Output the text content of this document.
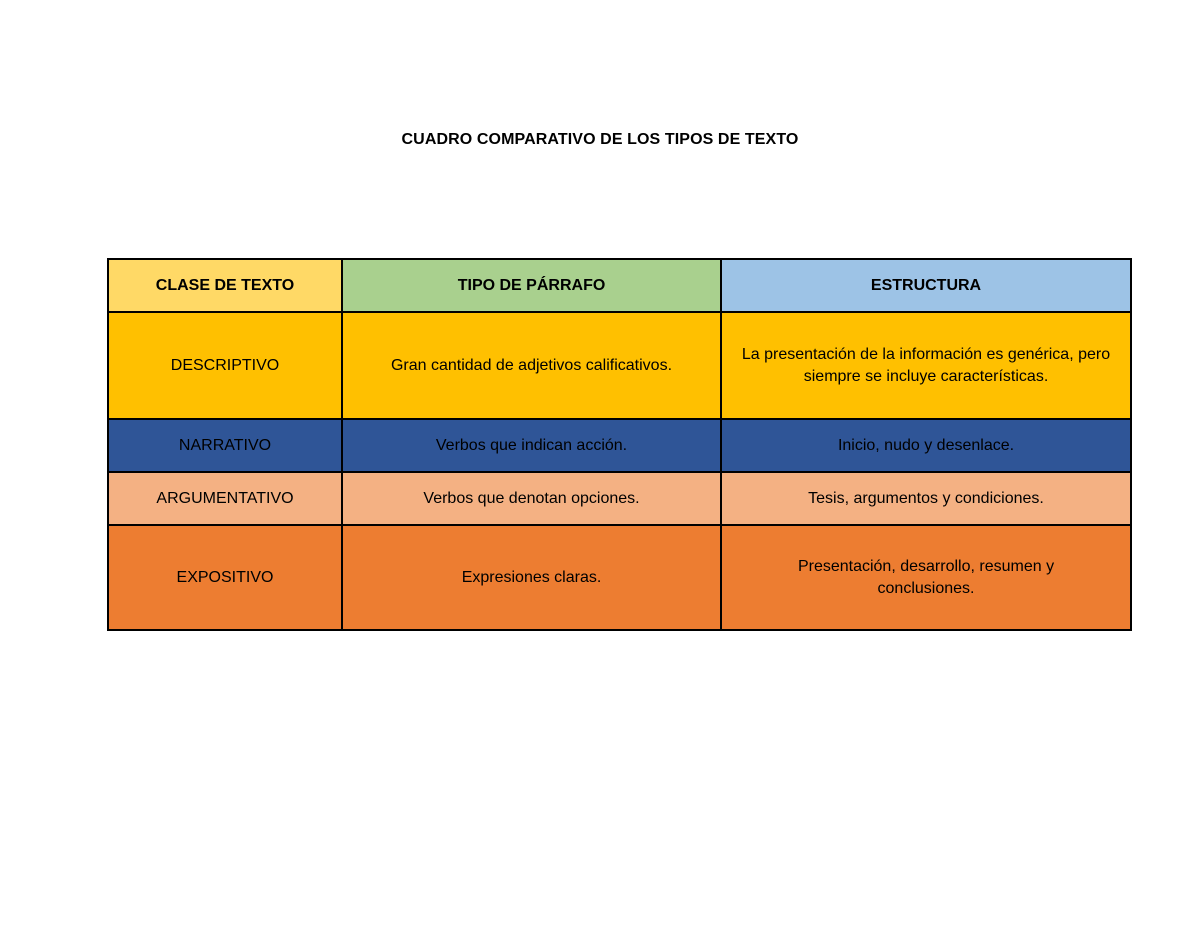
CUADRO COMPARATIVO DE LOS TIPOS DE TEXTO
CLASE DE TEXTO	TIPO DE PÁRRAFO	ESTRUCTURA
DESCRIPTIVO	Gran cantidad de adjetivos calificativos.	La presentación de la información es genérica, pero siempre se incluye características.
NARRATIVO	Verbos que indican acción.	Inicio, nudo y desenlace.
ARGUMENTATIVO	Verbos que denotan opciones.	Tesis, argumentos y condiciones.
EXPOSITIVO	Expresiones claras.	Presentación, desarrollo, resumen y conclusiones.
